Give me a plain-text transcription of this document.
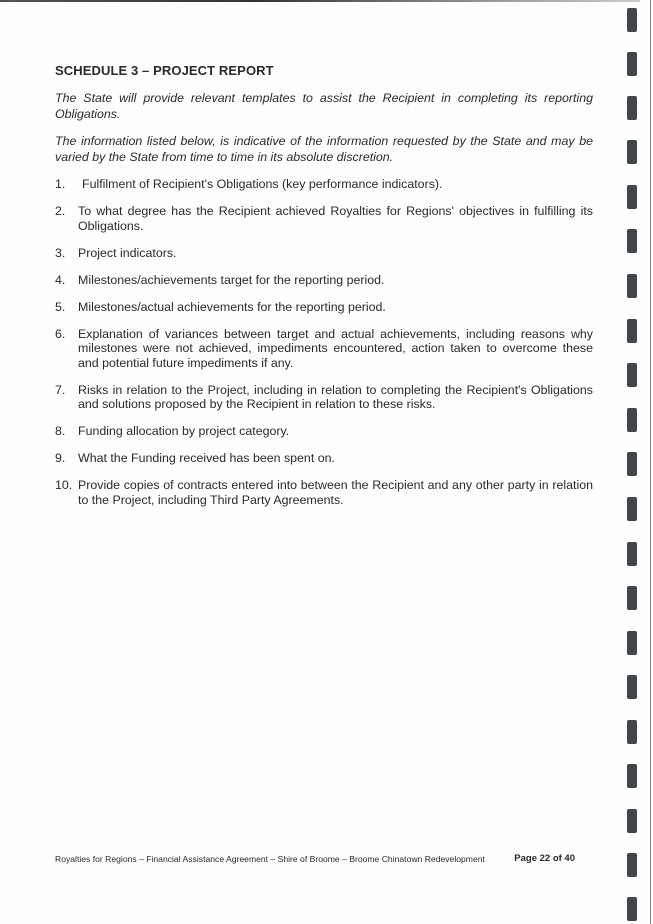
SCHEDULE 3 – PROJECT REPORT

The State will provide relevant templates to assist the Recipient in completing its reporting Obligations.

The information listed below, is indicative of the information requested by the State and may be varied by the State from time to time in its absolute discretion.

1.	Fulfilment of Recipient's Obligations (key performance indicators).
2.	To what degree has the Recipient achieved Royalties for Regions' objectives in fulfilling its Obligations.
3.	Project indicators.
4.	Milestones/achievements target for the reporting period.
5.	Milestones/actual achievements for the reporting period.
6.	Explanation of variances between target and actual achievements, including reasons why milestones were not achieved, impediments encountered, action taken to overcome these and potential future impediments if any.
7.	Risks in relation to the Project, including in relation to completing the Recipient's Obligations and solutions proposed by the Recipient in relation to these risks.
8.	Funding allocation by project category.
9.	What the Funding received has been spent on.
10. Provide copies of contracts entered into between the Recipient and any other party in relation to the Project, including Third Party Agreements.
Royalties for Regions – Financial Assistance Agreement – Shire of Broome – Broome Chinatown Redevelopment	Page 22 of 40
